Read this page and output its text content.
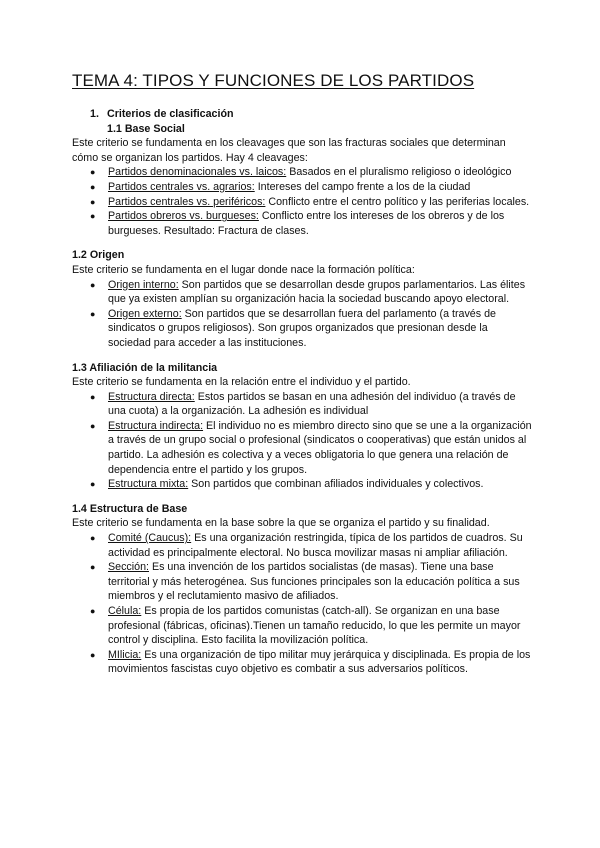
TEMA 4: TIPOS Y FUNCIONES DE LOS PARTIDOS
1. Criterios de clasificación
1.1 Base Social

Este criterio se fundamenta en los cleavages que son las fracturas sociales que determinan cómo se organizan los partidos. Hay 4 cleavages:

● Partidos denominacionales vs. laicos: Basados en el pluralismo religioso o ideológico
● Partidos centrales vs. agrarios: Intereses del campo frente a los de la ciudad
● Partidos centrales vs. periféricos: Conflicto entre el centro político y las periferias locales.
● Partidos obreros vs. burgueses: Conflicto entre los intereses de los obreros y de los burgueses. Resultado: Fractura de clases.
1.2 Origen

Este criterio se fundamenta en el lugar donde nace la formación política:

● Origen interno: Son partidos que se desarrollan desde grupos parlamentarios. Las élites que ya existen amplían su organización hacia la sociedad buscando apoyo electoral.
● Origen externo: Son partidos que se desarrollan fuera del parlamento (a través de sindicatos o grupos religiosos). Son grupos organizados que presionan desde la sociedad para acceder a las instituciones.
1.3 Afiliación de la militancia

Este criterio se fundamenta en la relación entre el individuo y el partido.

● Estructura directa: Estos partidos se basan en una adhesión del individuo (a través de una cuota) a la organización. La adhesión es individual
● Estructura indirecta: El individuo no es miembro directo sino que se une a la organización a través de un grupo social o profesional (sindicatos o cooperativas) que están unidos al partido. La adhesión es colectiva y a veces obligatoria lo que genera una relación de dependencia entre el partido y los grupos.
● Estructura mixta: Son partidos que combinan afiliados individuales y colectivos.
1.4 Estructura de Base

Este criterio se fundamenta en la base sobre la que se organiza el partido y su finalidad.

● Comité (Caucus): Es una organización restringida, típica de los partidos de cuadros. Su actividad es principalmente electoral. No busca movilizar masas ni ampliar afiliación.
● Sección: Es una invención de los partidos socialistas (de masas). Tiene una base territorial y más heterogénea. Sus funciones principales son la educación política a sus miembros y el reclutamiento masivo de afiliados.
● Célula: Es propia de los partidos comunistas (catch-all). Se organizan en una base profesional (fábricas, oficinas).Tienen un tamaño reducido, lo que les permite un mayor control y disciplina. Esto facilita la movilización política.
● MIlicia: Es una organización de tipo militar muy jerárquica y disciplinada. Es propia de los movimientos fascistas cuyo objetivo es combatir a sus adversarios políticos.
